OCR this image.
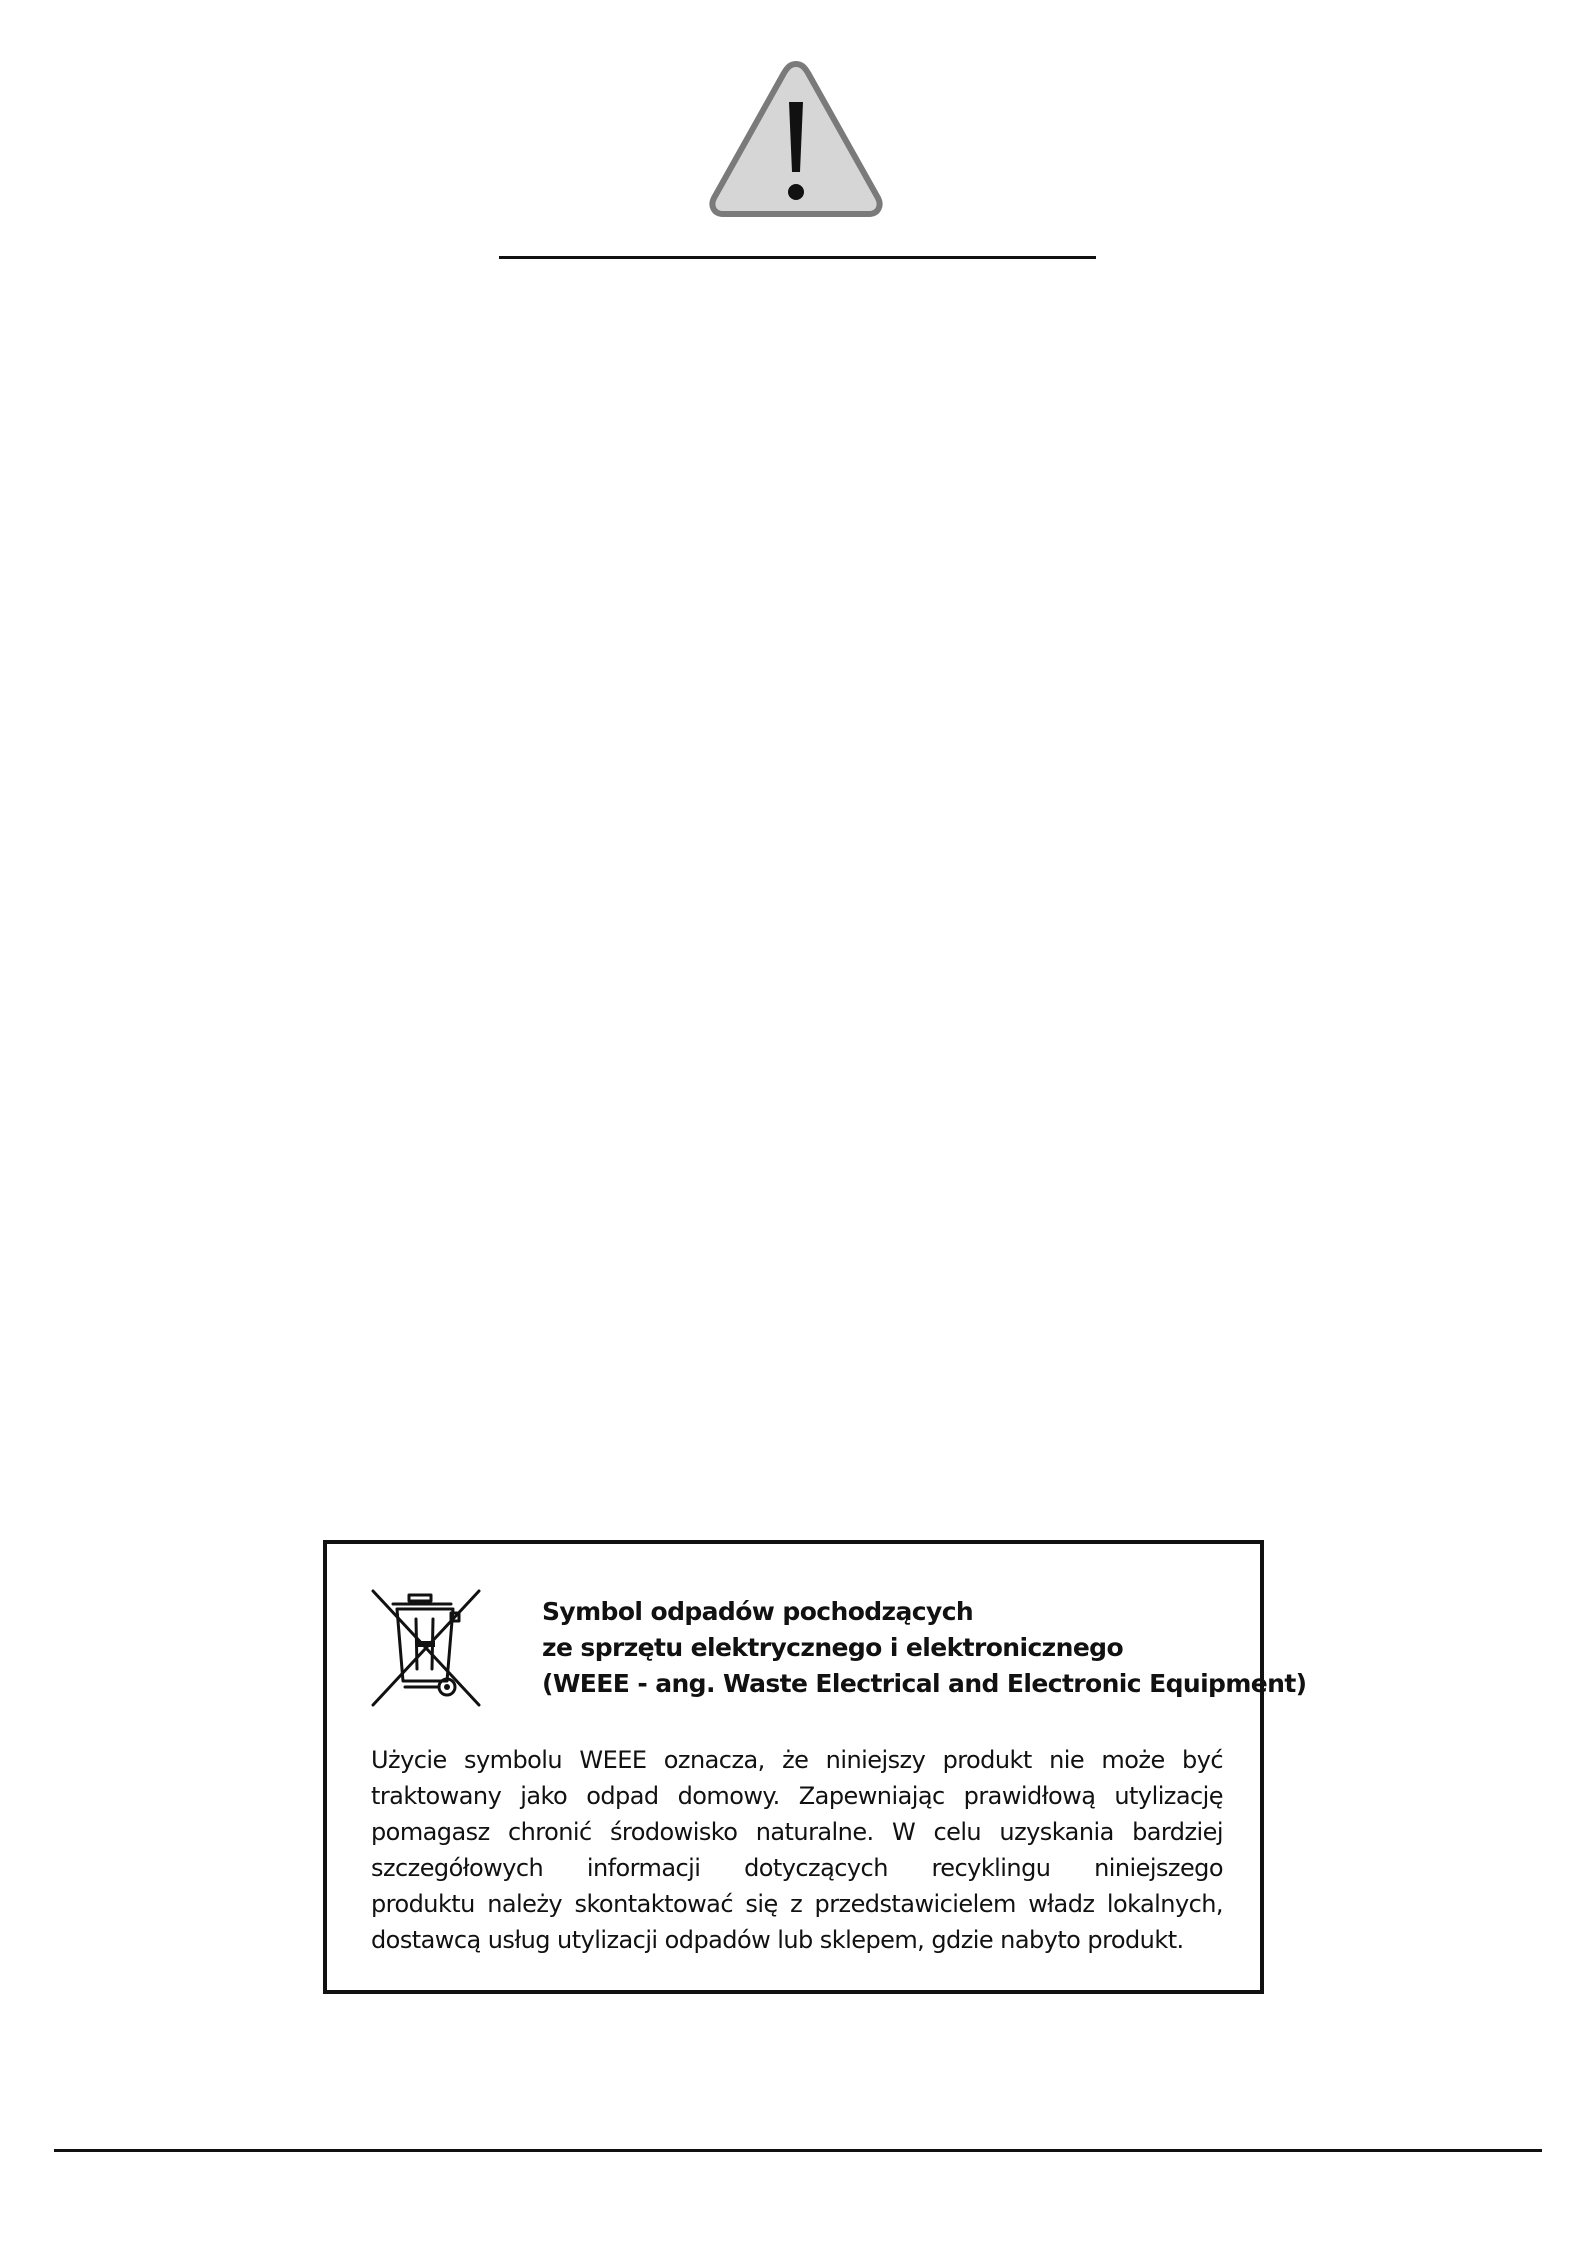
Symbol odpadów pochodzących
ze sprzętu elektrycznego i elektronicznego
(WEEE - ang. Waste Electrical and Electronic Equipment)
Użycie symbolu WEEE oznacza, że niniejszy produkt nie może być
traktowany jako odpad domowy. Zapewniając prawidłową utylizację
pomagasz chronić środowisko naturalne. W celu uzyskania bardziej
szczegółowych informacji dotyczących recyklingu niniejszego
produktu należy skontaktować się z przedstawicielem władz lokalnych,
dostawcą usług utylizacji odpadów lub sklepem, gdzie nabyto produkt.
